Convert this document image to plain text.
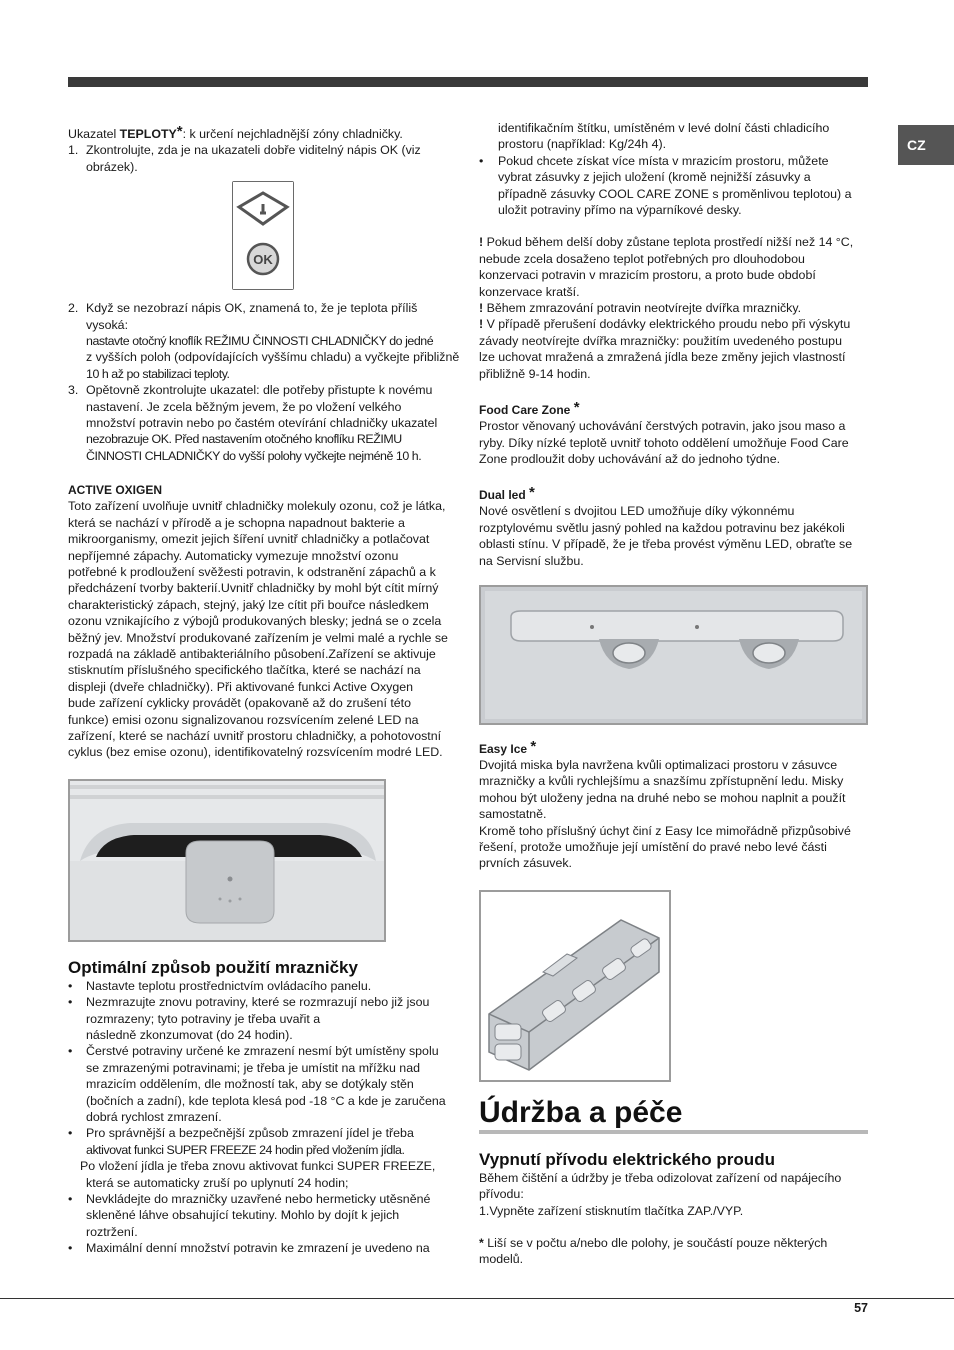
CZ

Ukazatel TEPLOTY*: k určení nejchladnější zóny chladničky.

1. Zkontrolujte, zda je na ukazateli dobře viditelný nápis OK (viz
obrázek).
OK
2. Když se nezobrazí nápis OK, znamená to, že je teplota příliš vysoká:
nastavte otočný knoflík REŽIMU ČINNOSTI CHLADNIČKY do jedné
z vyšších poloh (odpovídajících vyššímu chladu) a vyčkejte přibližně
10 h až po stabilizaci teploty.
3. Opětovně zkontrolujte ukazatel: dle potřeby přistupte k novému
nastavení. Je zcela běžným jevem, že po vložení velkého
množství potravin nebo po častém otevírání chladničky ukazatel
nezobrazuje OK. Před nastavením otočného knoflíku REŽIMU
ČINNOSTI CHLADNIČKY do vyšší polohy vyčkejte nejméně 10 h.
ACTIVE OXIGEN
Toto zařízení uvolňuje uvnitř chladničky molekuly ozonu, což je látka,
která se nachází v přírodě a je schopna napadnout bakterie a
mikroorganismy, omezit jejich šíření uvnitř chladničky a potlačovat
nepříjemné zápachy. Automaticky vymezuje množství ozonu
potřebné k prodloužení svěžesti potravin, k odstranění zápachů a k
předcházení tvorby bakterií.Uvnitř chladničky by mohl být cítit mírný
charakteristický zápach, stejný, jaký lze cítit při bouřce následkem
ozonu vznikajícího z výbojů produkovaných blesky; jedná se o zcela
běžný jev. Množství produkované zařízením je velmi malé a rychle se
rozpadá na základě antibakteriálního působení.Zařízení se aktivuje
stisknutím příslušného specifického tlačítka, které se nachází na
displeji (dveře chladničky). Při aktivované funkci Active Oxygen
bude zařízení cyklicky provádět (opakovaně až do zrušení této
funkce) emisi ozonu signalizovanou rozsvícením zelené LED na
zařízení, které se nachází uvnitř prostoru chladničky, a pohotovostní
cyklus (bez emise ozonu), identifikovatelný rozsvícením modré LED.
Optimální způsob použití mrazničky
• Nastavte teplotu prostřednictvím ovládacího panelu.
• Nezmrazujte znovu potraviny, které se rozmrazují nebo již jsou
rozmrazeny; tyto potraviny je třeba uvařit a
následně zkonzumovat (do 24 hodin).
• Čerstvé potraviny určené ke zmrazení nesmí být umístěny spolu
se zmrazenými potravinami; je třeba je umístit na mřížku nad
mrazicím oddělením, dle možností tak, aby se dotýkaly stěn
(bočních a zadní), kde teplota klesá pod -18 °C a kde je zaručena
dobrá rychlost zmrazení.
• Pro správnější a bezpečnější způsob zmrazení jídel je třeba
aktivovat funkci SUPER FREEZE 24 hodin před vložením jídla.
Po vložení jídla je třeba znovu aktivovat funkci SUPER FREEZE,
která se automaticky zruší po uplynutí 24 hodin;
• Nevkládejte do mrazničky uzavřené nebo hermeticky utěsněné
skleněné láhve obsahující tekutiny. Mohlo by dojít k jejich
roztržení.
• Maximální denní množství potravin ke zmrazení je uvedeno na
identifikačním štítku, umístěném v levé dolní části chladicího
prostoru (například: Kg/24h 4).
• Pokud chcete získat více místa v mrazicím prostoru, můžete
vybrat zásuvky z jejich uložení (kromě nejnižší zásuvky a
případně zásuvky COOL CARE ZONE s proměnlivou teplotou) a
uložit potraviny přímo na výparníkové desky.
! Pokud během delší doby zůstane teplota prostředí nižší než 14 °C,
nebude zcela dosaženo teplot potřebných pro dlouhodobou
konzervaci potravin v mrazicím prostoru, a proto bude období
konzervace kratší.
! Během zmrazování potravin neotvírejte dvířka mrazničky.
! V případě přerušení dodávky elektrického proudu nebo při výskytu
závady neotvírejte dvířka mrazničky: použitím uvedeného postupu
lze uchovat mražená a zmražená jídla beze změny jejich vlastností
přibližně 9-14 hodin.
Food Care Zone *
Prostor věnovaný uchovávání čerstvých potravin, jako jsou maso a
ryby. Díky nízké teplotě uvnitř tohoto oddělení umožňuje Food Care
Zone prodloužit doby uchovávání až do jednoho týdne.
Dual led *
Nové osvětlení s dvojitou LED umožňuje díky výkonnému
rozptylovému světlu jasný pohled na každou potravinu bez jakékoli
oblasti stínu. V případě, že je třeba provést výměnu LED, obraťte se
na Servisní službu.
Easy Ice *
Dvojitá miska byla navržena kvůli optimalizaci prostoru v zásuvce
mrazničky a kvůli rychlejšímu a snazšímu zpřístupnění ledu. Misky
mohou být uloženy jedna na druhé nebo se mohou naplnit a použít
samostatně.
Kromě toho příslušný úchyt činí z Easy Ice mimořádně přizpůsobivé
řešení, protože umožňuje její umístění do pravé nebo levé části
prvních zásuvek.
Údržba a péče
Vypnutí přívodu elektrického proudu
Během čištění a údržby je třeba odizolovat zařízení od napájecího
přívodu:
1.Vypněte zařízení stisknutím tlačítka ZAP./VYP.
* Liší se v počtu a/nebo dle polohy, je součástí pouze některých
modelů.
57
